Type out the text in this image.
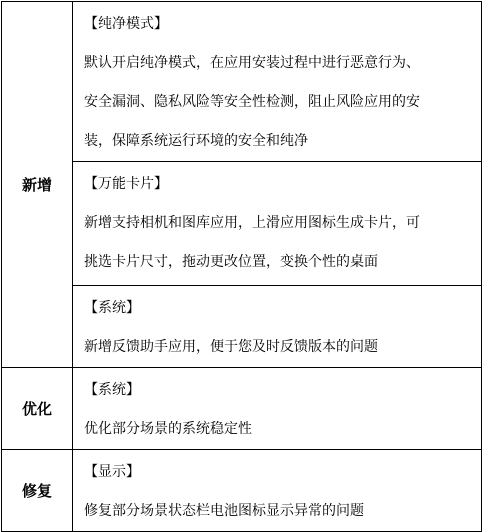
新增	【纯净模式】
默认开启纯净模式，在应用安装过程中进行恶意行为、
安全漏洞、隐私风险等安全性检测，阻止风险应用的安
装，保障系统运行环境的安全和纯净

	【万能卡片】
新增支持相机和图库应用，上滑应用图标生成卡片，可
挑选卡片尺寸，拖动更改位置，变换个性的桌面

	【系统】
新增反馈助手应用，便于您及时反馈版本的问题

优化	【系统】
优化部分场景的系统稳定性

修复	【显示】
修复部分场景状态栏电池图标显示异常的问题
